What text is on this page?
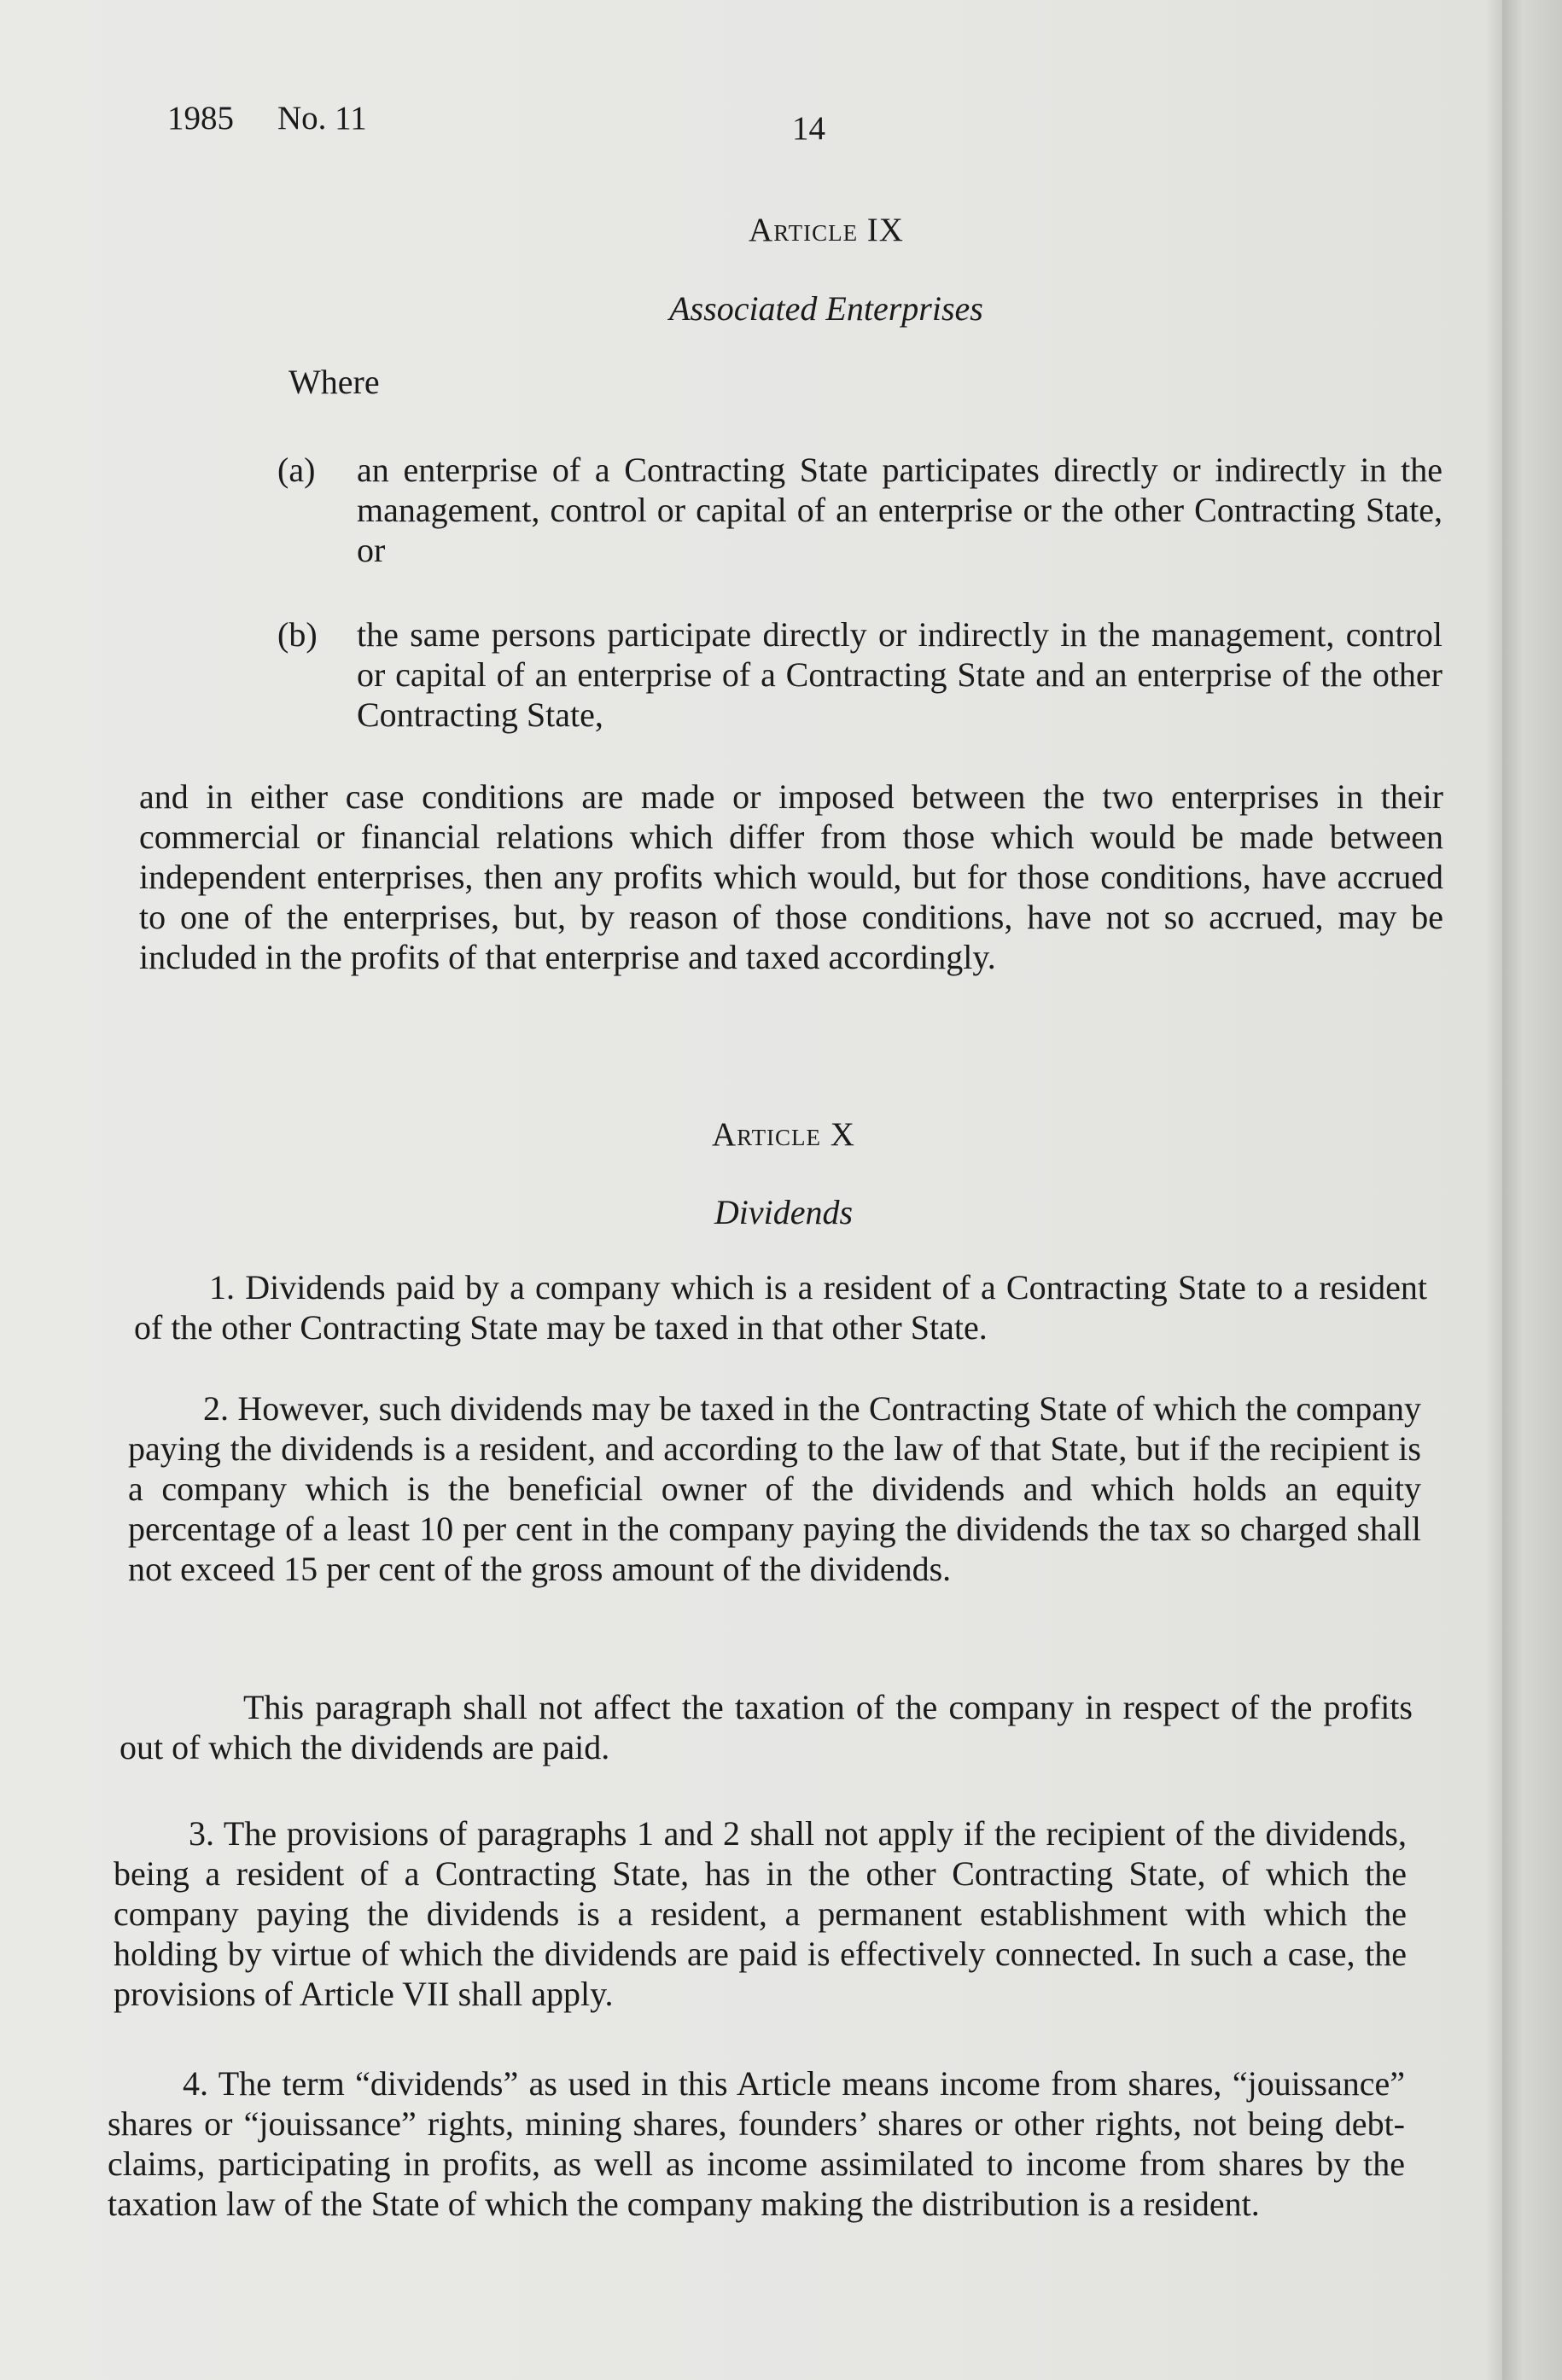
1985 No. 11	14
Article IX
Associated Enterprises
Where
(a) an enterprise of a Contracting State participates directly or indirectly in the management, control or capital of an enterprise or the other Contracting State, or

(b) the same persons participate directly or indirectly in the management, control or capital of an enterprise of a Contracting State and an enterprise of the other Contracting State,

and in either case conditions are made or imposed between the two enterprises in their commercial or financial relations which differ from those which would be made between independent enterprises, then any profits which would, but for those conditions, have accrued to one of the enterprises, but, by reason of those conditions, have not so accrued, may be included in the profits of that enterprise and taxed accordingly.

Article X
Dividends

1. Dividends paid by a company which is a resident of a Contracting State to a resident of the other Contracting State may be taxed in that other State.

2. However, such dividends may be taxed in the Contracting State of which the company paying the dividends is a resident, and according to the law of that State, but if the recipient is a company which is the beneficial owner of the dividends and which holds an equity percentage of a least 10 per cent in the company paying the dividends the tax so charged shall not exceed 15 per cent of the gross amount of the dividends.

This paragraph shall not affect the taxation of the company in respect of the profits out of which the dividends are paid.

3. The provisions of paragraphs 1 and 2 shall not apply if the recipient of the dividends, being a resident of a Contracting State, has in the other Contracting State, of which the company paying the dividends is a resident, a permanent establishment with which the holding by virtue of which the dividends are paid is effectively connected. In such a case, the provisions of Article VII shall apply.

4. The term “dividends” as used in this Article means income from shares, “jouissance” shares or “jouissance” rights, mining shares, founders’ shares or other rights, not being debt-claims, participating in profits, as well as income assimilated to income from shares by the taxation law of the State of which the company making the distribution is a resident.
